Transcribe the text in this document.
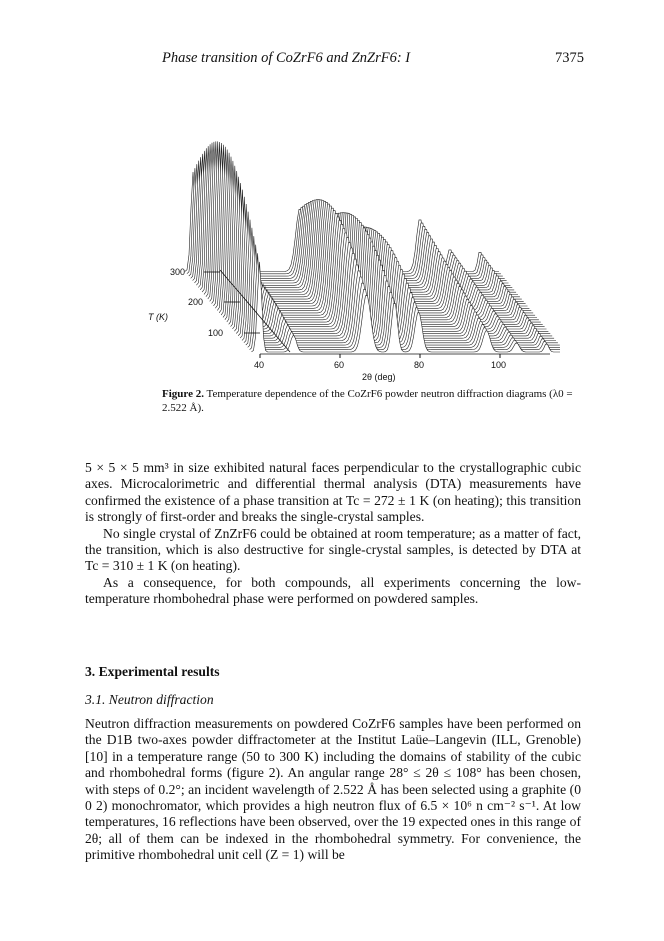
Phase transition of CoZrF6 and ZnZrF6: I	7375
300
200
100
T (K)
40	60	80	100
2θ (deg)
Figure 2. Temperature dependence of the CoZrF6 powder neutron diffraction diagrams (λ0 = 2.522 Å).

5 × 5 × 5 mm³ in size exhibited natural faces perpendicular to the crystallographic cubic axes. Microcalorimetric and differential thermal analysis (DTA) measurements have confirmed the existence of a phase transition at Tc = 272 ± 1 K (on heating); this transition is strongly of first-order and breaks the single-crystal samples.

No single crystal of ZnZrF6 could be obtained at room temperature; as a matter of fact, the transition, which is also destructive for single-crystal samples, is detected by DTA at Tc = 310 ± 1 K (on heating).

As a consequence, for both compounds, all experiments concerning the low-temperature rhombohedral phase were performed on powdered samples.

3. Experimental results
3.1. Neutron diffraction

Neutron diffraction measurements on powdered CoZrF6 samples have been performed on the D1B two-axes powder diffractometer at the Institut Laüe–Langevin (ILL, Grenoble) [10] in a temperature range (50 to 300 K) including the domains of stability of the cubic and rhombohedral forms (figure 2). An angular range 28° ≤ 2θ ≤ 108° has been chosen, with steps of 0.2°; an incident wavelength of 2.522 Å has been selected using a graphite (0 0 2) monochromator, which provides a high neutron flux of 6.5 × 10⁶ n cm⁻² s⁻¹. At low temperatures, 16 reflections have been observed, over the 19 expected ones in this range of 2θ; all of them can be indexed in the rhombohedral symmetry. For convenience, the primitive rhombohedral unit cell (Z = 1) will be
